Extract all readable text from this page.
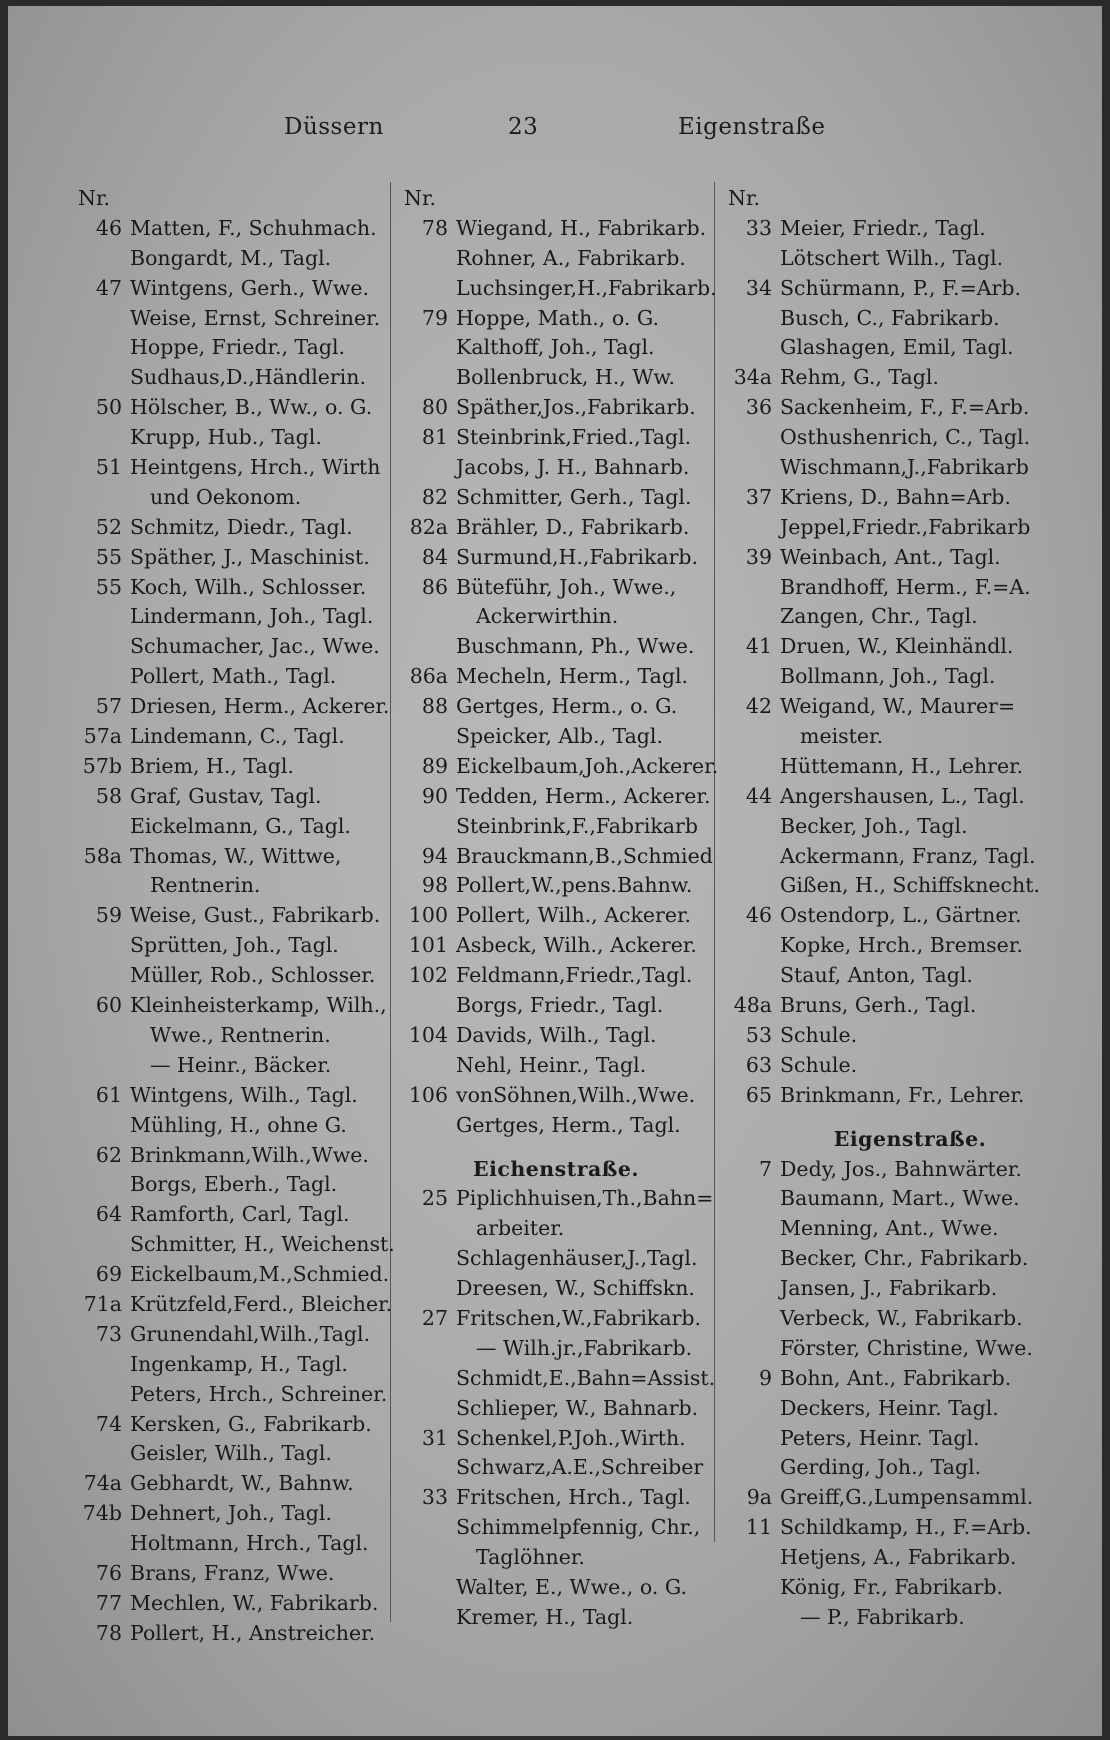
Düssern	23	Eigenstraße
Nr.
46 Matten, F., Schuhmach.
Bongardt, M., Tagl.
47 Wintgens, Gerh., Wwe.
Weise, Ernst, Schreiner.
Hoppe, Friedr., Tagl.
Sudhaus,D.,Händlerin.
50 Hölscher, B., Ww., o. G.
Krupp, Hub., Tagl.
51 Heintgens, Hrch., Wirth
und Oekonom.
52 Schmitz, Diedr., Tagl.
55 Späther, J., Maschinist.
55 Koch, Wilh., Schlosser.
Lindermann, Joh., Tagl.
Schumacher, Jac., Wwe.
Pollert, Math., Tagl.
57 Driesen, Herm., Ackerer.
57a Lindemann, C., Tagl.
57b Briem, H., Tagl.
58 Graf, Gustav, Tagl.
Eickelmann, G., Tagl.
58a Thomas, W., Wittwe,
Rentnerin.
59 Weise, Gust., Fabrikarb.
Sprütten, Joh., Tagl.
Müller, Rob., Schlosser.
60 Kleinheisterkamp, Wilh.,
Wwe., Rentnerin.
— Heinr., Bäcker.
61 Wintgens, Wilh., Tagl.
Mühling, H., ohne G.
62 Brinkmann,Wilh.,Wwe.
Borgs, Eberh., Tagl.
64 Ramforth, Carl, Tagl.
Schmitter, H., Weichenst.
69 Eickelbaum,M.,Schmied.
71a Krützfeld,Ferd., Bleicher.
73 Grunendahl,Wilh.,Tagl.
Ingenkamp, H., Tagl.
Peters, Hrch., Schreiner.
74 Kersken, G., Fabrikarb.
Geisler, Wilh., Tagl.
74a Gebhardt, W., Bahnw.
74b Dehnert, Joh., Tagl.
Holtmann, Hrch., Tagl.
76 Brans, Franz, Wwe.
77 Mechlen, W., Fabrikarb.
78 Pollert, H., Anstreicher.
Nr.
78 Wiegand, H., Fabrikarb.
Rohner, A., Fabrikarb.
Luchsinger,H.,Fabrikarb.
79 Hoppe, Math., o. G.
Kalthoff, Joh., Tagl.
Bollenbruck, H., Ww.
80 Späther,Jos.,Fabrikarb.
81 Steinbrink,Fried.,Tagl.
Jacobs, J. H., Bahnarb.
82 Schmitter, Gerh., Tagl.
82a Brähler, D., Fabrikarb.
84 Surmund,H.,Fabrikarb.
86 Büteführ, Joh., Wwe.,
Ackerwirthin.
Buschmann, Ph., Wwe.
86a Mecheln, Herm., Tagl.
88 Gertges, Herm., o. G.
Speicker, Alb., Tagl.
89 Eickelbaum,Joh.,Ackerer.
90 Tedden, Herm., Ackerer.
Steinbrink,F.,Fabrikarb
94 Brauckmann,B.,Schmied
98 Pollert,W.,pens.Bahnw.
100 Pollert, Wilh., Ackerer.
101 Asbeck, Wilh., Ackerer.
102 Feldmann,Friedr.,Tagl.
Borgs, Friedr., Tagl.
104 Davids, Wilh., Tagl.
Nehl, Heinr., Tagl.
106 vonSöhnen,Wilh.,Wwe.
Gertges, Herm., Tagl.
Eichenstraße.
25 Piplichhuisen,Th.,Bahn=
arbeiter.
Schlagenhäuser,J.,Tagl.
Dreesen, W., Schiffskn.
27 Fritschen,W.,Fabrikarb.
— Wilh.jr.,Fabrikarb.
Schmidt,E.,Bahn=Assist.
Schlieper, W., Bahnarb.
31 Schenkel,P.Joh.,Wirth.
Schwarz,A.E.,Schreiber
33 Fritschen, Hrch., Tagl.
Schimmelpfennig, Chr.,
Taglöhner.
Walter, E., Wwe., o. G.
Kremer, H., Tagl.
Nr.
33 Meier, Friedr., Tagl.
Lötschert Wilh., Tagl.
34 Schürmann, P., F.=Arb.
Busch, C., Fabrikarb.
Glashagen, Emil, Tagl.
34a Rehm, G., Tagl.
36 Sackenheim, F., F.=Arb.
Osthushenrich, C., Tagl.
Wischmann,J.,Fabrikarb
37 Kriens, D., Bahn=Arb.
Jeppel,Friedr.,Fabrikarb
39 Weinbach, Ant., Tagl.
Brandhoff, Herm., F.=A.
Zangen, Chr., Tagl.
41 Druen, W., Kleinhändl.
Bollmann, Joh., Tagl.
42 Weigand, W., Maurer=
meister.
Hüttemann, H., Lehrer.
44 Angershausen, L., Tagl.
Becker, Joh., Tagl.
Ackermann, Franz, Tagl.
Gißen, H., Schiffsknecht.
46 Ostendorp, L., Gärtner.
Kopke, Hrch., Bremser.
Stauf, Anton, Tagl.
48a Bruns, Gerh., Tagl.
53 Schule.
63 Schule.
65 Brinkmann, Fr., Lehrer.
Eigenstraße.
7 Dedy, Jos., Bahnwärter.
Baumann, Mart., Wwe.
Menning, Ant., Wwe.
Becker, Chr., Fabrikarb.
Jansen, J., Fabrikarb.
Verbeck, W., Fabrikarb.
Förster, Christine, Wwe.
9 Bohn, Ant., Fabrikarb.
Deckers, Heinr. Tagl.
Peters, Heinr. Tagl.
Gerding, Joh., Tagl.
9a Greiff,G.,Lumpensamml.
11 Schildkamp, H., F.=Arb.
Hetjens, A., Fabrikarb.
König, Fr., Fabrikarb.
— P., Fabrikarb.
